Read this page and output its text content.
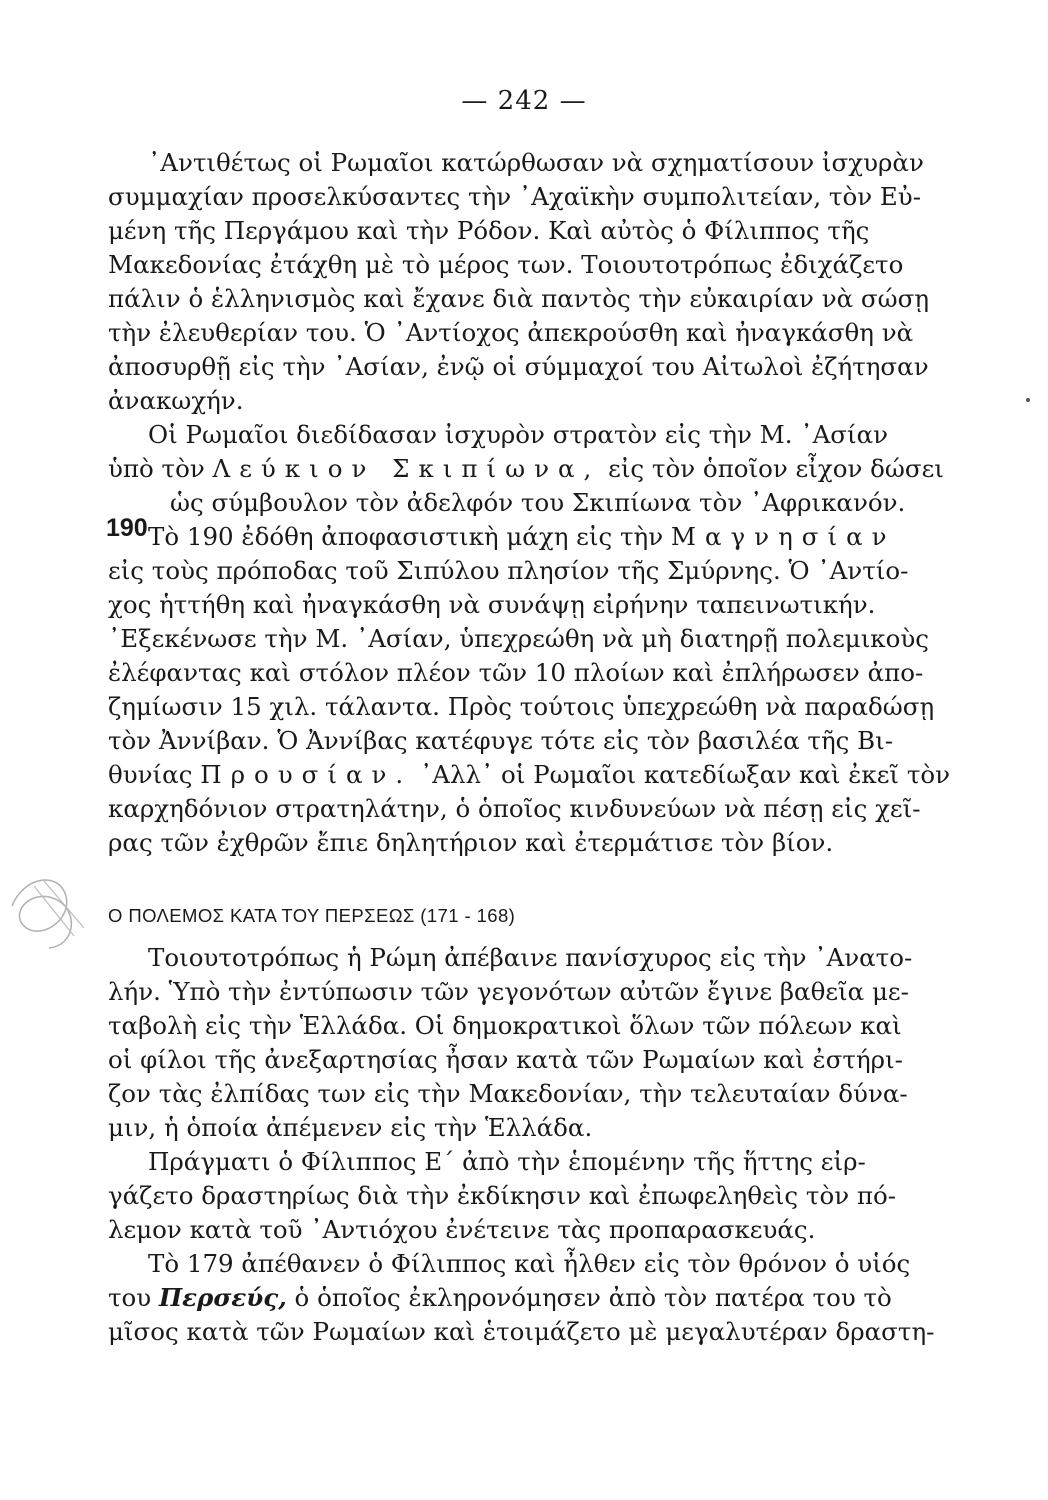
— 242 —
᾿Αντιθέτως οἱ Ρωμαῖοι κατώρθωσαν νὰ σχηματίσουν ἰσχυρὰν
συμμαχίαν προσελκύσαντες τὴν ᾿Αχαϊκὴν συμπολιτείαν, τὸν Εὐ-
μένη τῆς Περγάμου καὶ τὴν Ρόδον. Καὶ αὐτὸς ὁ Φίλιππος τῆς
Μακεδονίας ἐτάχθη μὲ τὸ μέρος των. Τοιουτοτρόπως ἐδιχάζετο
πάλιν ὁ ἑλληνισμὸς καὶ ἔχανε διὰ παντὸς τὴν εὐκαιρίαν νὰ σώσῃ
τὴν ἐλευθερίαν του. Ὁ ᾿Αντίοχος ἀπεκρούσθη καὶ ἠναγκάσθη νὰ
ἀποσυρθῇ εἰς τὴν ᾿Ασίαν, ἐνῷ οἱ σύμμαχοί του Αἰτωλοὶ ἐζήτησαν
ἀνακωχήν.
Οἱ Ρωμαῖοι διεδίδασαν ἰσχυρὸν στρατὸν εἰς τὴν Μ. ᾿Ασίαν
ὑπὸ τὸν Λεύκιον Σκιπίωνα, εἰς τὸν ὁποῖον εἶχον δώσει
ὡς σύμβουλον τὸν ἀδελφόν του Σκιπίωνα τὸν ᾿Αφρικανόν.
Τὸ 190 ἐδόθη ἀποφασιστικὴ μάχη εἰς τὴν Μαγνησίαν
εἰς τοὺς πρόποδας τοῦ Σιπύλου πλησίον τῆς Σμύρνης. Ὁ ᾿Αντίο-
χος ἡττήθη καὶ ἠναγκάσθη νὰ συνάψῃ εἰρήνην ταπεινωτικήν.
᾿Εξεκένωσε τὴν Μ. ᾿Ασίαν, ὑπεχρεώθη νὰ μὴ διατηρῇ πολεμικοὺς
ἐλέφαντας καὶ στόλον πλέον τῶν 10 πλοίων καὶ ἐπλήρωσεν ἀπο-
ζημίωσιν 15 χιλ. τάλαντα. Πρὸς τούτοις ὑπεχρεώθη νὰ παραδώσῃ
τὸν Ἀννίβαν. Ὁ Ἀννίβας κατέφυγε τότε εἰς τὸν βασιλέα τῆς Βι-
θυνίας Προυσίαν. ᾿Αλλ᾿ οἱ Ρωμαῖοι κατεδίωξαν καὶ ἐκεῖ τὸν
καρχηδόνιον στρατηλάτην, ὁ ὁποῖος κινδυνεύων νὰ πέσῃ εἰς χεῖ-
ρας τῶν ἐχθρῶν ἔπιε δηλητήριον καὶ ἐτερμάτισε τὸν βίον.
190
Ο ΠΟΛΕΜΟΣ ΚΑΤΑ ΤΟΥ ΠΕΡΣΕΩΣ (171 - 168)
Τοιουτοτρόπως ἡ Ρώμη ἀπέβαινε πανίσχυρος εἰς τὴν ᾿Ανατο-
λήν. Ὑπὸ τὴν ἐντύπωσιν τῶν γεγονότων αὐτῶν ἔγινε βαθεῖα με-
ταβολὴ εἰς τὴν Ἑλλάδα. Οἱ δημοκρατικοὶ ὅλων τῶν πόλεων καὶ
οἱ φίλοι τῆς ἀνεξαρτησίας ἦσαν κατὰ τῶν Ρωμαίων καὶ ἐστήρι-
ζον τὰς ἐλπίδας των εἰς τὴν Μακεδονίαν, τὴν τελευταίαν δύνα-
μιν, ἡ ὁποία ἀπέμενεν εἰς τὴν Ἑλλάδα.
Πράγματι ὁ Φίλιππος Ε΄ ἀπὸ τὴν ἑπομένην τῆς ἥττης εἰρ-
γάζετο δραστηρίως διὰ τὴν ἐκδίκησιν καὶ ἐπωφεληθεὶς τὸν πό-
λεμον κατὰ τοῦ ᾿Αντιόχου ἐνέτεινε τὰς προπαρασκευάς.
Τὸ 179 ἀπέθανεν ὁ Φίλιππος καὶ ἦλθεν εἰς τὸν θρόνον ὁ υἱός
του Περσεύς, ὁ ὁποῖος ἐκληρονόμησεν ἀπὸ τὸν πατέρα του τὸ
μῖσος κατὰ τῶν Ρωμαίων καὶ ἑτοιμάζετο μὲ μεγαλυτέραν δραστη-
